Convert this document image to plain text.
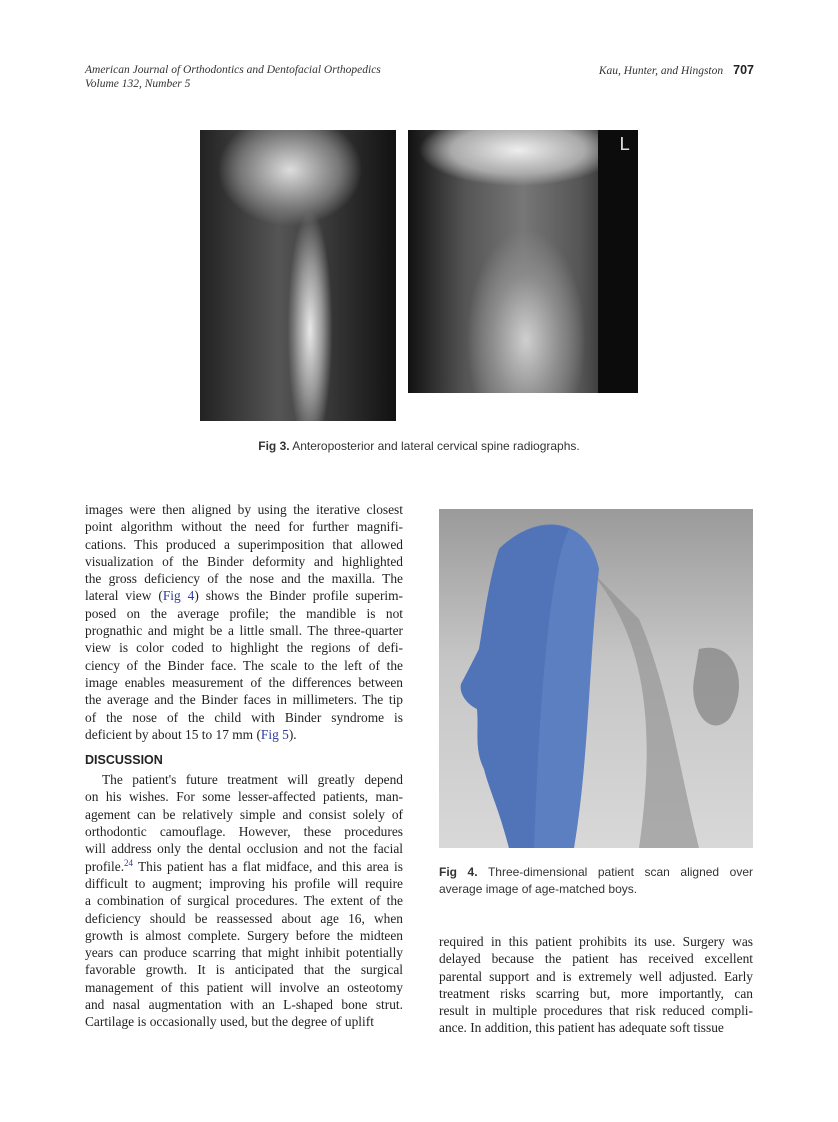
American Journal of Orthodontics and Dentofacial Orthopedics
Volume 132, Number 5
Kau, Hunter, and Hingston 707
L
Fig 3. Anteroposterior and lateral cervical spine radiographs.
images were then aligned by using the iterative closest
point algorithm without the need for further magnifi-
cations. This produced a superimposition that allowed
visualization of the Binder deformity and highlighted
the gross deficiency of the nose and the maxilla. The
lateral view (Fig 4) shows the Binder profile superim-
posed on the average profile; the mandible is not
prognathic and might be a little small. The three-quarter
view is color coded to highlight the regions of defi-
ciency of the Binder face. The scale to the left of the
image enables measurement of the differences between
the average and the Binder faces in millimeters. The tip
of the nose of the child with Binder syndrome is
deficient by about 15 to 17 mm (Fig 5).
DISCUSSION
The patient's future treatment will greatly depend
on his wishes. For some lesser-affected patients, man-
agement can be relatively simple and consist solely of
orthodontic camouflage. However, these procedures
will address only the dental occlusion and not the facial
profile.$^{24}$ This patient has a flat midface, and this area is
difficult to augment; improving his profile will require
a combination of surgical procedures. The extent of the
deficiency should be reassessed about age 16, when
growth is almost complete. Surgery before the midteen
years can produce scarring that might inhibit potentially
favorable growth. It is anticipated that the surgical
management of this patient will involve an osteotomy
and nasal augmentation with an L-shaped bone strut.
Cartilage is occasionally used, but the degree of uplift
Fig 4. Three-dimensional patient scan aligned over
average image of age-matched boys.
required in this patient prohibits its use. Surgery was
delayed because the patient has received excellent
parental support and is extremely well adjusted. Early
treatment risks scarring but, more importantly, can
result in multiple procedures that risk reduced compli-
ance. In addition, this patient has adequate soft tissue
